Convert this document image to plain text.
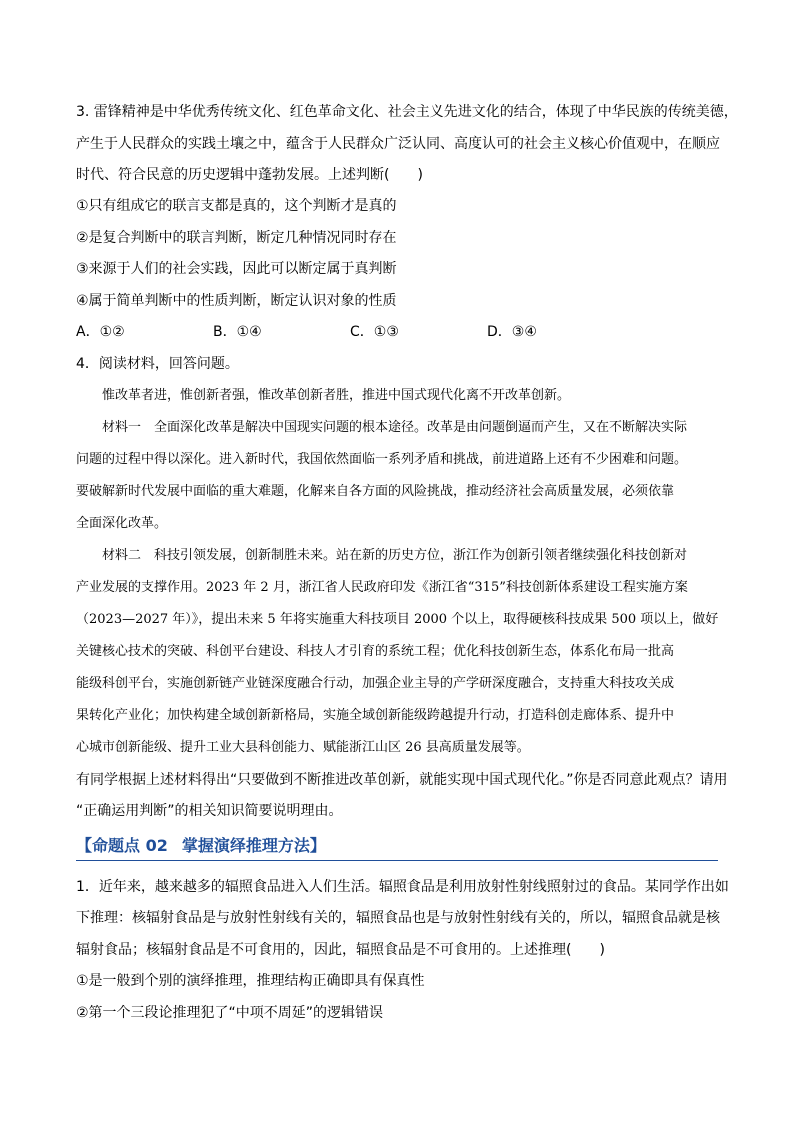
3. 雷锋精神是中华优秀传统文化、红色革命文化、社会主义先进文化的结合，体现了中华民族的传统美德，
产生于人民群众的实践土壤之中，蕴含于人民群众广泛认同、高度认可的社会主义核心价值观中，在顺应
时代、符合民意的历史逻辑中蓬勃发展。上述判断(　　)
①只有组成它的联言支都是真的，这个判断才是真的
②是复合判断中的联言判断，断定几种情况同时存在
③来源于人们的社会实践，因此可以断定属于真判断
④属于简单判断中的性质判断，断定认识对象的性质
A．①②	B．①④	C．①③	D．③④
4．阅读材料，回答问题。
　　惟改革者进，惟创新者强，惟改革创新者胜，推进中国式现代化离不开改革创新。
　　材料一　全面深化改革是解决中国现实问题的根本途径。改革是由问题倒逼而产生，又在不断解决实际
问题的过程中得以深化。进入新时代，我国依然面临一系列矛盾和挑战，前进道路上还有不少困难和问题。
要破解新时代发展中面临的重大难题，化解来自各方面的风险挑战，推动经济社会高质量发展，必须依靠
全面深化改革。
　　材料二　科技引领发展，创新制胜未来。站在新的历史方位，浙江作为创新引领者继续强化科技创新对
产业发展的支撑作用。2023 年 2 月，浙江省人民政府印发《浙江省“315”科技创新体系建设工程实施方案
（2023—2027 年）》，提出未来 5 年将实施重大科技项目 2000 个以上，取得硬核科技成果 500 项以上，做好
关键核心技术的突破、科创平台建设、科技人才引育的系统工程；优化科技创新生态，体系化布局一批高
能级科创平台，实施创新链产业链深度融合行动，加强企业主导的产学研深度融合，支持重大科技攻关成
果转化产业化；加快构建全域创新新格局，实施全域创新能级跨越提升行动，打造科创走廊体系、提升中
心城市创新能级、提升工业大县科创能力、赋能浙江山区 26 县高质量发展等。
有同学根据上述材料得出“只要做到不断推进改革创新，就能实现中国式现代化。”你是否同意此观点？请用
“正确运用判断”的相关知识简要说明理由。
【命题点 02 掌握演绎推理方法】
1．近年来，越来越多的辐照食品进入人们生活。辐照食品是利用放射性射线照射过的食品。某同学作出如
下推理：核辐射食品是与放射性射线有关的，辐照食品也是与放射性射线有关的，所以，辐照食品就是核
辐射食品；核辐射食品是不可食用的，因此，辐照食品是不可食用的。上述推理(　　)
①是一般到个别的演绎推理，推理结构正确即具有保真性
②第一个三段论推理犯了“中项不周延”的逻辑错误
